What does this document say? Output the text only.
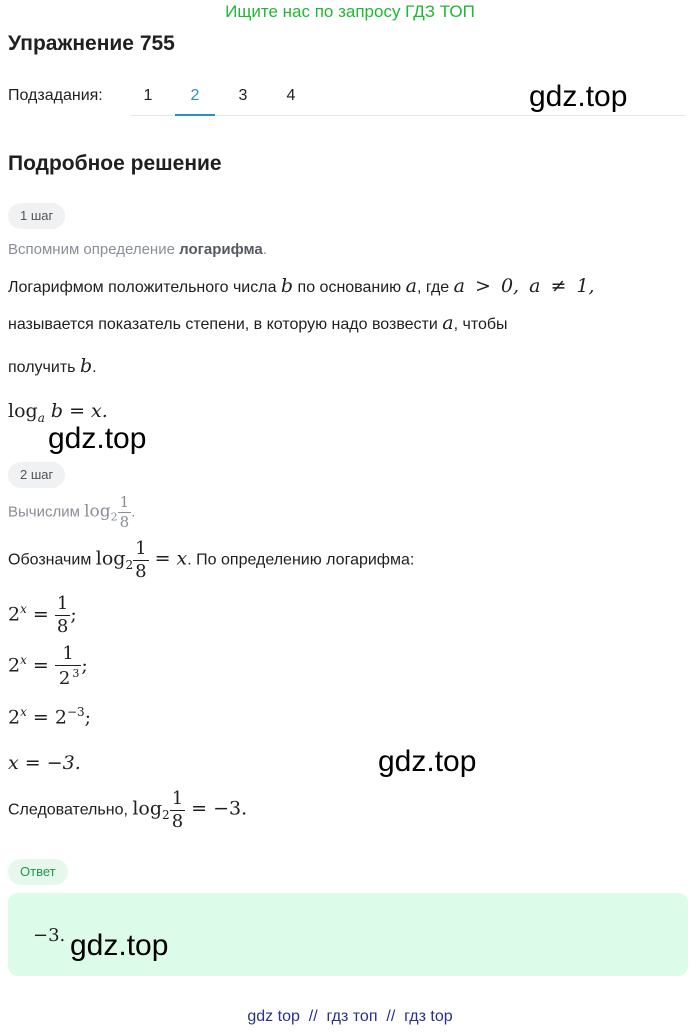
Ищите нас по запросу ГДЗ ТОП
Упражнение 755
Подзадания:	1	2	3	4	gdz.top
Подробное решение
1 шаг
Вспомним определение логарифма.
Логарифмом положительного числа b по основанию a, где a > 0, a ≠ 1,
называется показатель степени, в которую надо возвести a, чтобы
получить b.
$\log_a b = x$.
gdz.top
2 шаг
Вычислим $\log_2 \frac{1}{8}$ .
Обозначим $\log_2 \frac{1}{8} = x$. По определению логарифма:
$2^x = \frac{1}{8}$ ;
$2^x = \frac{1}{2 ^3}$ ;
$2^x = 2^{-3}$;
x = −3.	gdz.top
Следовательно, $\log_2 \frac{1}{8} = -3$.
Ответ
−3. gdz.top
gdz top  //  гдз топ  //  гдз top
